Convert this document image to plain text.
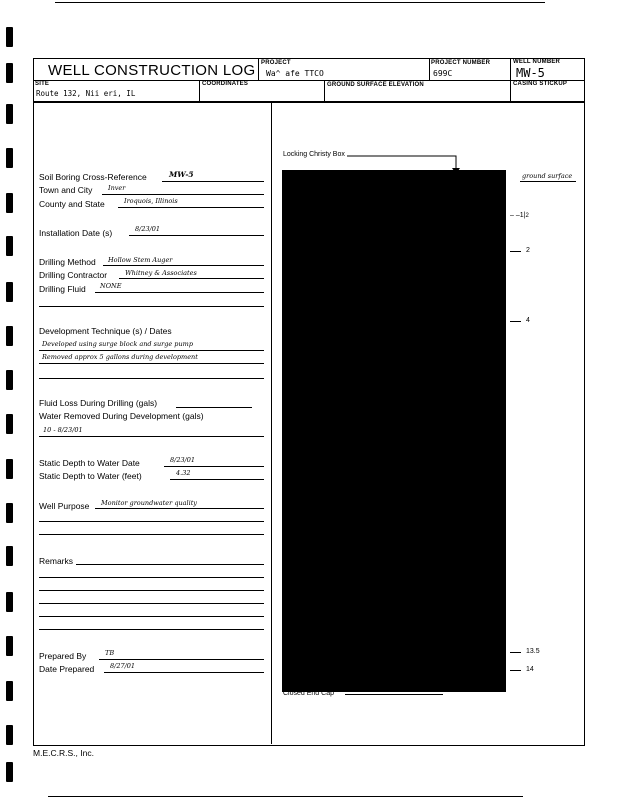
WELL CONSTRUCTION LOG PROJECT
Wa^ afe TTCO
PROJECT NUMBER
699C
WELL NUMBER
MW-5
SITE
Route 132, Nii eri, IL
COORDINATES	GROUND SURFACE ELEVATION	CASING STICKUP
Soil Boring Cross-Reference	MW-5
Town and City Inver
County and State	Iroquois, Illinois
Installation Date (s)	8/23/01
Drilling Method Hollow Stem Auger
Drilling Contractor	Whitney & Associates
Drilling Fluid NONE
Development Technique (s) / Dates
Developed using surge block and surge pump
Removed approx 5 gallons during development
Fluid Loss During Drilling (gals)
Water Removed During Development (gals)
10 - 8/23/01
Static Depth to Water Date	8/23/01
Static Depth to Water (feet)	4.32
Well Purpose Monitor groundwater quality
Remarks
Prepared By	TB
Date Prepared 8/27/01
Locking Christy Box
ground surface
– –1|2
2
4
13.5
14
Closed End Cap
M.E.C.R.S., Inc.
